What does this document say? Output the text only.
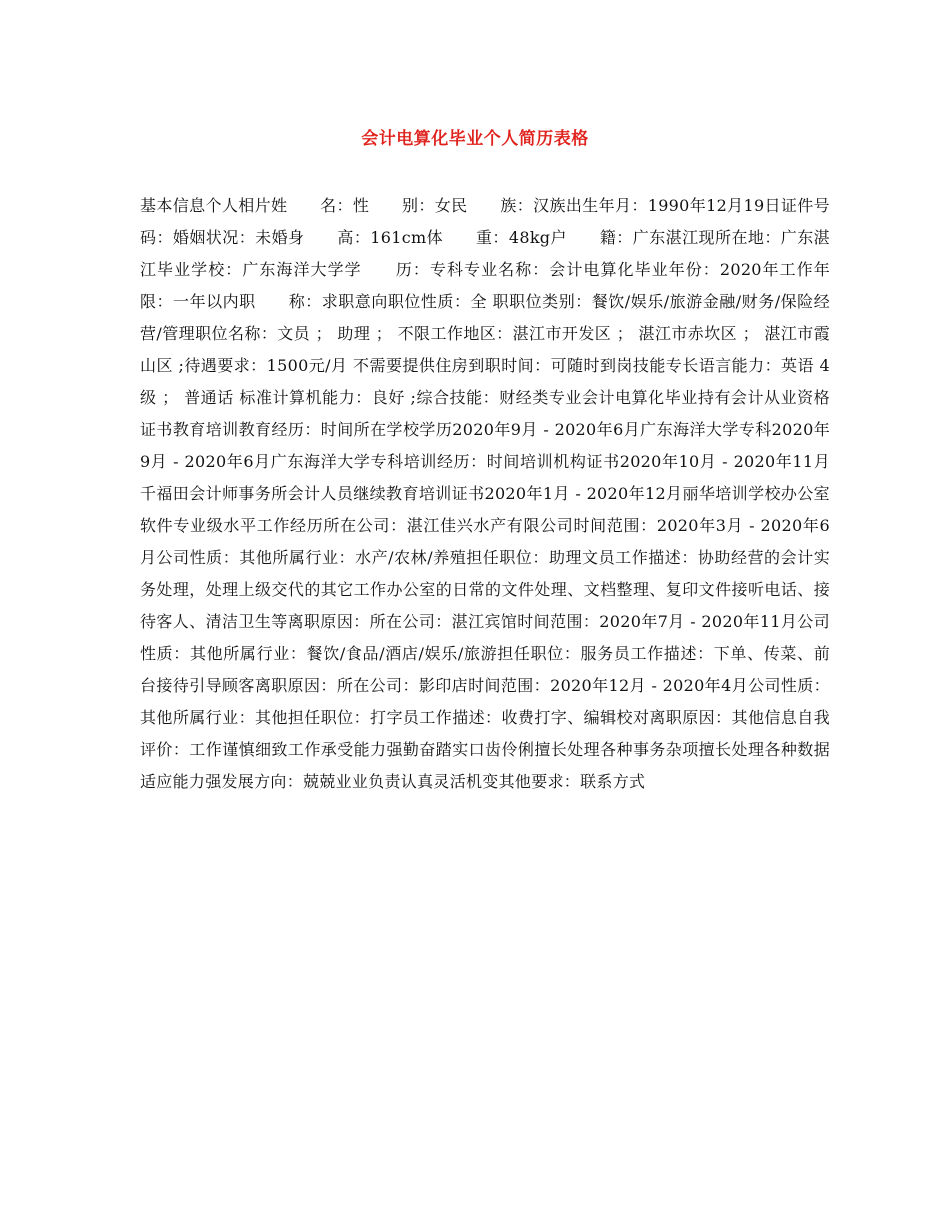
会计电算化毕业个人简历表格
基本信息个人相片姓　　名：性　　别：女民　　族：汉族出生年月：1990年12月19日证件号码：婚姻状况：未婚身　　高：161cm体　　重：48kg户　　籍：广东湛江现所在地：广东湛江毕业学校：广东海洋大学学　　历：专科专业名称：会计电算化毕业年份：2020年工作年限：一年以内职　　称：求职意向职位性质：全 职职位类别：餐饮/娱乐/旅游金融/财务/保险经营/管理职位名称：文员 ； 助理 ； 不限工作地区：湛江市开发区 ； 湛江市赤坎区 ； 湛江市霞山区 ;待遇要求：1500元/月 不需要提供住房到职时间：可随时到岗技能专长语言能力：英语 4级 ； 普通话 标准计算机能力：良好 ;综合技能：财经类专业会计电算化毕业持有会计从业资格证书教育培训教育经历：时间所在学校学历2020年9月 - 2020年6月广东海洋大学专科2020年9月 - 2020年6月广东海洋大学专科培训经历：时间培训机构证书2020年10月 - 2020年11月千福田会计师事务所会计人员继续教育培训证书2020年1月 - 2020年12月丽华培训学校办公室软件专业级水平工作经历所在公司：湛江佳兴水产有限公司时间范围：2020年3月 - 2020年6月公司性质：其他所属行业：水产/农林/养殖担任职位：助理文员工作描述：协助经营的会计实务处理，处理上级交代的其它工作办公室的日常的文件处理、文档整理、复印文件接听电话、接待客人、清洁卫生等离职原因：所在公司：湛江宾馆时间范围：2020年7月 - 2020年11月公司性质：其他所属行业：餐饮/食品/酒店/娱乐/旅游担任职位：服务员工作描述：下单、传菜、前台接待引导顾客离职原因：所在公司：影印店时间范围：2020年12月 - 2020年4月公司性质：其他所属行业：其他担任职位：打字员工作描述：收费打字、编辑校对离职原因：其他信息自我评价：工作谨慎细致工作承受能力强勤奋踏实口齿伶俐擅长处理各种事务杂项擅长处理各种数据适应能力强发展方向：兢兢业业负责认真灵活机变其他要求：联系方式
